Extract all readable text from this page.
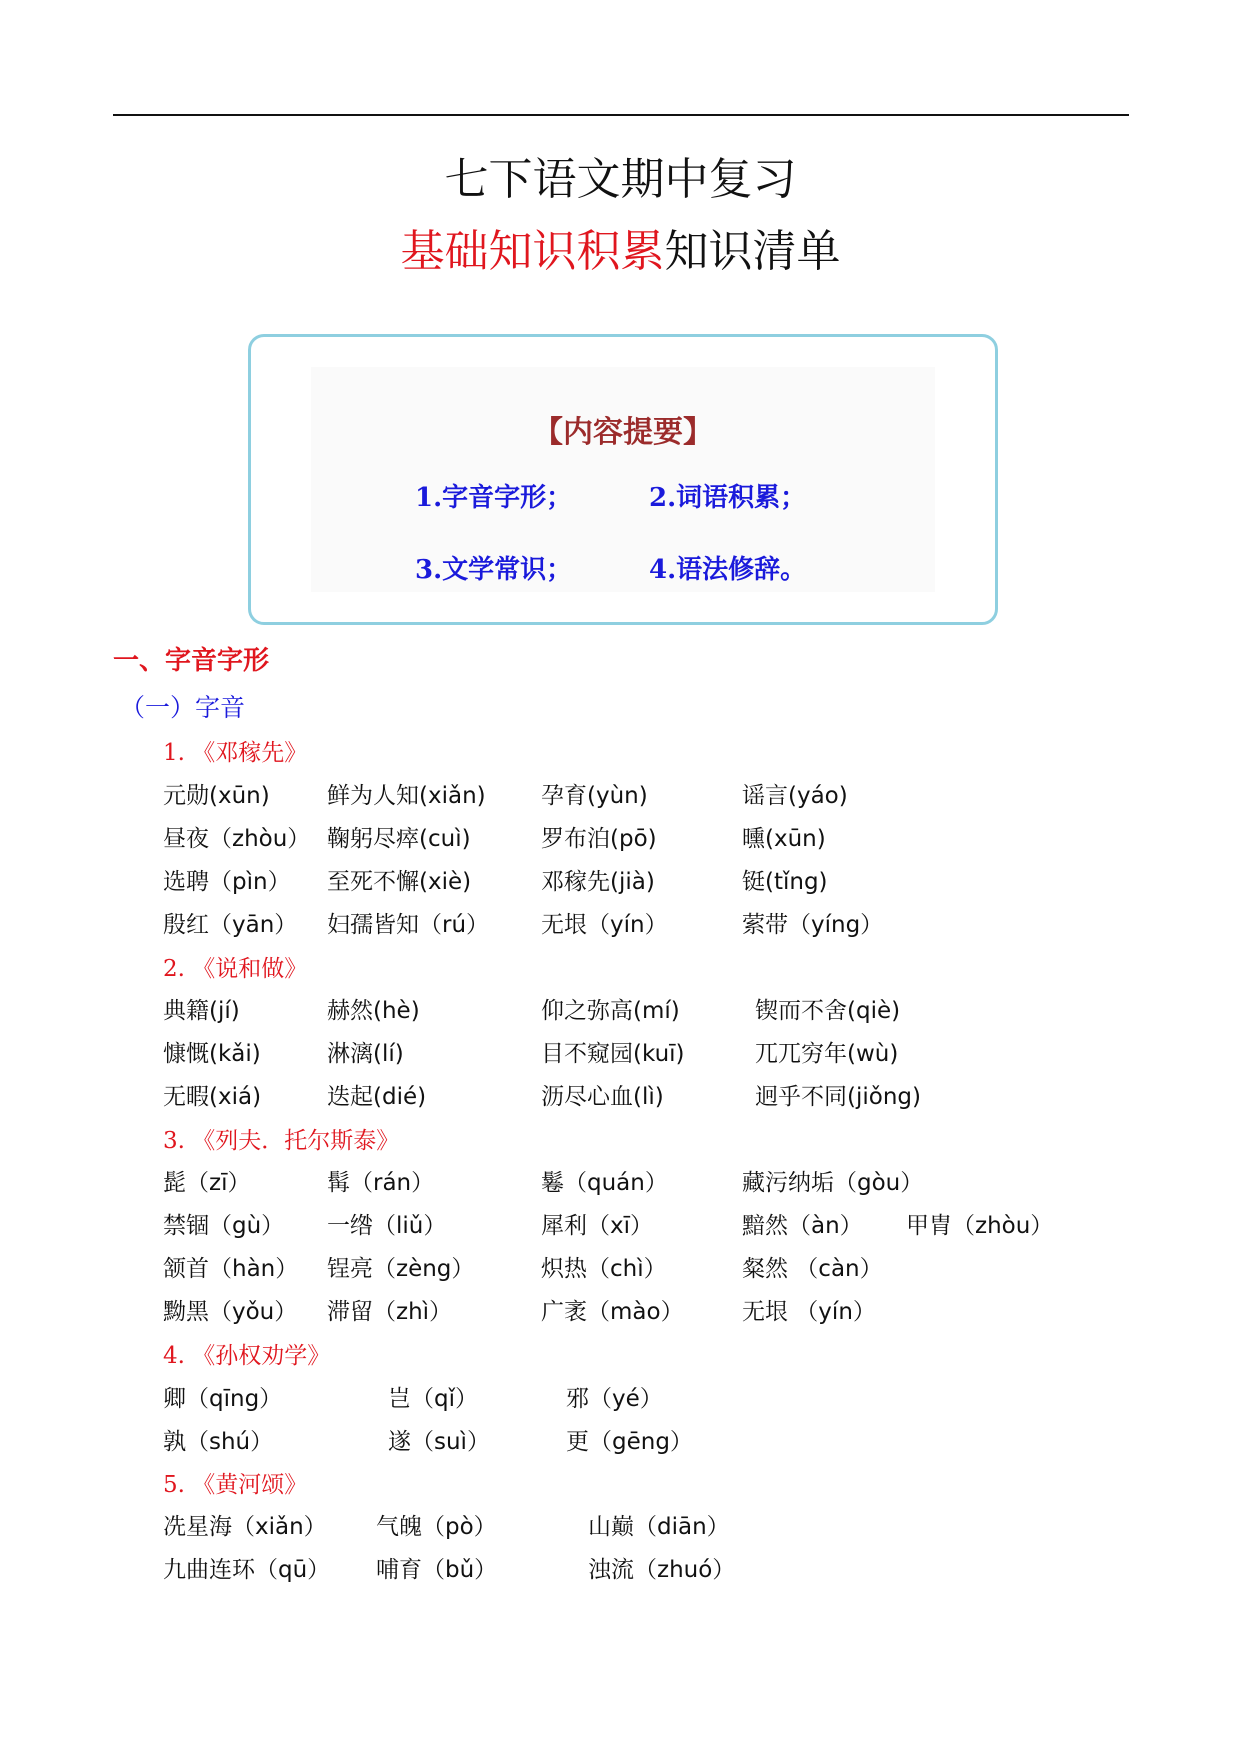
七下语文期中复习
基础知识积累知识清单
【内容提要】
1.字音字形；	2.词语积累；
3.文学常识；	4.语法修辞。
一、字音字形
（一）字音
1. 《邓稼先》
元勋(xūn) 鲜为人知(xiǎn) 孕育(yùn)	谣言(yáo)
昼夜（zhòu） 鞠躬尽瘁(cuì)	罗布泊(pō)	曛(xūn)
选聘（pìn） 至死不懈(xiè)	邓稼先(jià)	铤(tǐng)
殷红（yān） 妇孺皆知（rú） 无垠（yín）	萦带（yíng）
2. 《说和做》
典籍(jí)	赫然(hè)	仰之弥高(mí)	锲而不舍(qiè)
慷慨(kǎi)	淋漓(lí)	目不窥园(kuī)	兀兀穷年(wù)
无暇(xiá)	迭起(dié)	沥尽心血(lì)	迥乎不同(jiǒng)
3. 《列夫．托尔斯泰》
髭（zī）	髯（rán）	鬈（quán）	藏污纳垢（gòu）
禁锢（gù） 一绺（liǔ）	犀利（xī）	黯然（àn） 甲胄（zhòu）
颔首（hàn） 锃亮（zèng）	炽热（chì）	粲然 （càn）
黝黑（yǒu） 滞留（zhì）	广袤（mào）	无垠 （yín）
4. 《孙权劝学》
卿（qīng）	岂（qǐ）	邪（yé）
孰（shú）	遂（suì）	更（gēng）
5. 《黄河颂》
冼星海（xiǎn） 气魄（pò）	山巅（diān）
九曲连环（qū） 哺育（bǔ）	浊流（zhuó）
